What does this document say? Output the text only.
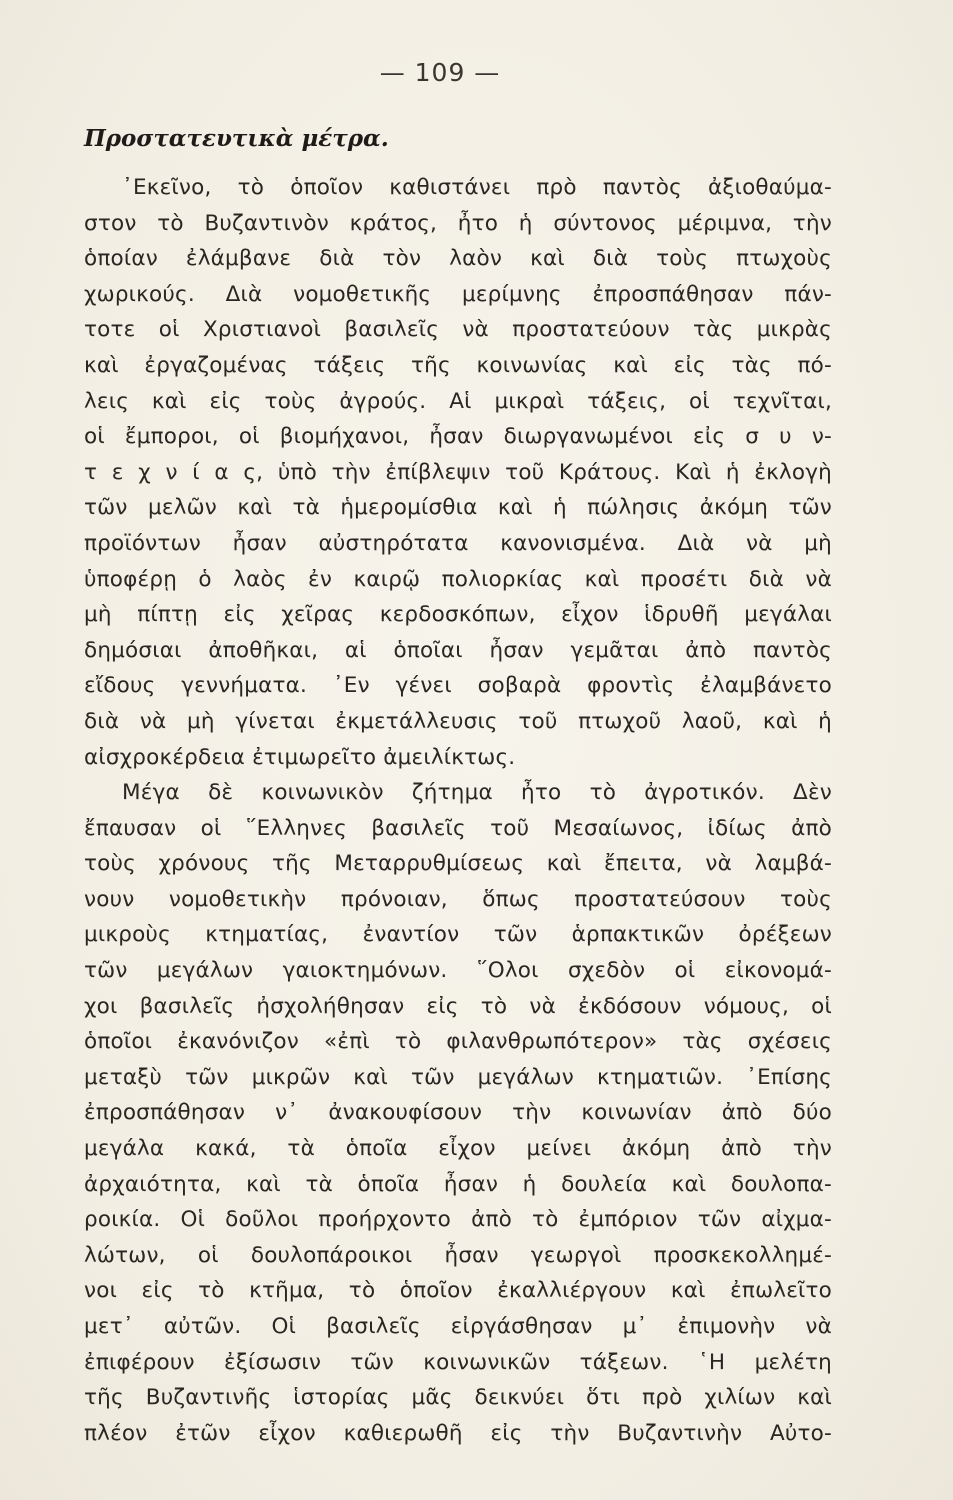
— 109 —
Προστατευτικὰ μέτρα.
᾿Εκεῖνο, τὸ ὁποῖον καθιστάνει πρὸ παντὸς ἀξιοθαύμα-
στον τὸ Βυζαντινὸν κράτος, ἦτο ἡ σύντονος μέριμνα, τὴν
ὁποίαν ἐλάμβανε διὰ τὸν λαὸν καὶ διὰ τοὺς πτωχοὺς
χωρικούς. Διὰ νομοθετικῆς μερίμνης ἐπροσπάθησαν πάν-
τοτε οἱ Χριστιανοὶ βασιλεῖς νὰ προστατεύουν τὰς μικρὰς
καὶ ἐργαζομένας τάξεις τῆς κοινωνίας καὶ εἰς τὰς πό-
λεις καὶ εἰς τοὺς ἀγρούς. Αἱ μικραὶ τάξεις, οἱ τεχνῖται,
οἱ ἔμποροι, οἱ βιομήχανοι, ἦσαν διωργανωμένοι εἰς σ υ ν-
τ ε χ ν ί α ς, ὑπὸ τὴν ἐπίβλεψιν τοῦ Κράτους. Καὶ ἡ ἐκλογὴ
τῶν μελῶν καὶ τὰ ἡμερομίσθια καὶ ἡ πώλησις ἀκόμη τῶν
προϊόντων ἦσαν αὐστηρότατα κανονισμένα. Διὰ νὰ μὴ
ὑποφέρῃ ὁ λαὸς ἐν καιρῷ πολιορκίας καὶ προσέτι διὰ νὰ
μὴ πίπτῃ εἰς χεῖρας κερδοσκόπων, εἶχον ἱδρυθῆ μεγάλαι
δημόσιαι ἀποθῆκαι, αἱ ὁποῖαι ἦσαν γεμᾶται ἀπὸ παντὸς
εἴδους γεννήματα. ᾿Εν γένει σοβαρὰ φροντὶς ἐλαμβάνετο
διὰ νὰ μὴ γίνεται ἐκμετάλλευσις τοῦ πτωχοῦ λαοῦ, καὶ ἡ
αἰσχροκέρδεια ἐτιμωρεῖτο ἀμειλίκτως.
Μέγα δὲ κοινωνικὸν ζήτημα ἦτο τὸ ἀγροτικόν. Δὲν
ἔπαυσαν οἱ ῞Ελληνες βασιλεῖς τοῦ Μεσαίωνος, ἰδίως ἀπὸ
τοὺς χρόνους τῆς Μεταρρυθμίσεως καὶ ἔπειτα, νὰ λαμβά-
νουν νομοθετικὴν πρόνοιαν, ὅπως προστατεύσουν τοὺς
μικροὺς κτηματίας, ἐναντίον τῶν ἁρπακτικῶν ὀρέξεων
τῶν μεγάλων γαιοκτημόνων. ῞Ολοι σχεδὸν οἱ εἰκονομά-
χοι βασιλεῖς ἠσχολήθησαν εἰς τὸ νὰ ἐκδόσουν νόμους, οἱ
ὁποῖοι ἐκανόνιζον «ἐπὶ τὸ φιλανθρωπότερον» τὰς σχέσεις
μεταξὺ τῶν μικρῶν καὶ τῶν μεγάλων κτηματιῶν. ᾿Επίσης
ἐπροσπάθησαν ν᾿ ἀνακουφίσουν τὴν κοινωνίαν ἀπὸ δύο
μεγάλα κακά, τὰ ὁποῖα εἶχον μείνει ἀκόμη ἀπὸ τὴν
ἀρχαιότητα, καὶ τὰ ὁποῖα ἦσαν ἡ δουλεία καὶ δουλοπα-
ροικία. Οἱ δοῦλοι προήρχοντο ἀπὸ τὸ ἐμπόριον τῶν αἰχμα-
λώτων, οἱ δουλοπάροικοι ἦσαν γεωργοὶ προσκεκολλημέ-
νοι εἰς τὸ κτῆμα, τὸ ὁποῖον ἐκαλλιέργουν καὶ ἐπωλεῖτο
μετ᾿ αὐτῶν. Οἱ βασιλεῖς εἰργάσθησαν μ᾿ ἐπιμονὴν νὰ
ἐπιφέρουν ἐξίσωσιν τῶν κοινωνικῶν τάξεων. ῾Η μελέτη
τῆς Βυζαντινῆς ἱστορίας μᾶς δεικνύει ὅτι πρὸ χιλίων καὶ
πλέον ἐτῶν εἶχον καθιερωθῆ εἰς τὴν Βυζαντινὴν Αὐτο-
